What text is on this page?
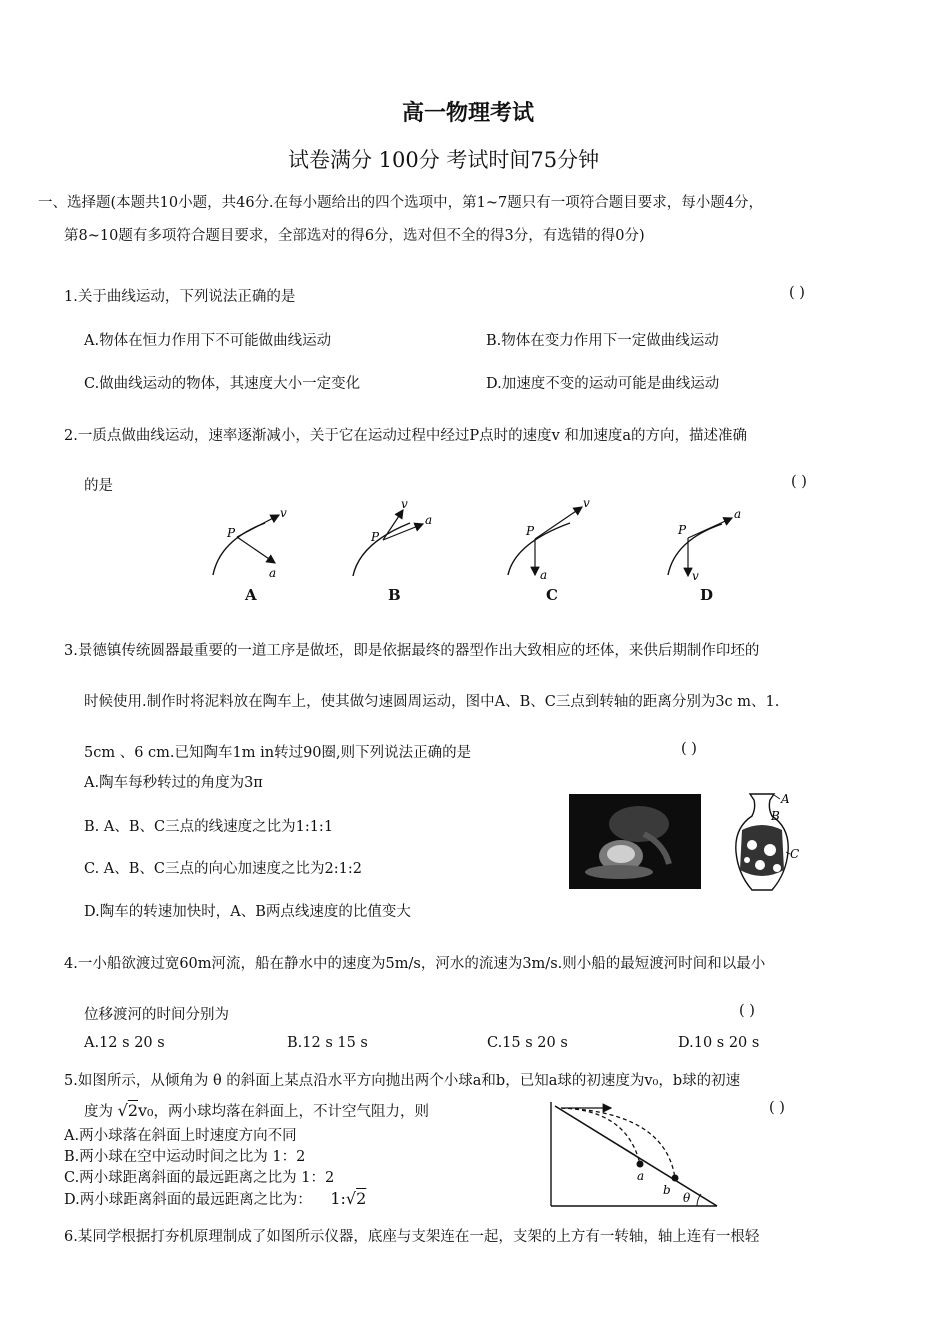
高一物理考试
试卷满分 100分 考试时间75分钟
一、选择题(本题共10小题，共46分.在每小题给出的四个选项中，第1~7题只有一项符合题目要求，每小题4分，
第8~10题有多项符合题目要求，全部选对的得6分，选对但不全的得3分，有选错的得0分)
1.关于曲线运动，下列说法正确的是	( )
A.物体在恒力作用下不可能做曲线运动	B.物体在变力作用下一定做曲线运动
C.做曲线运动的物体，其速度大小一定变化	D.加速度不变的运动可能是曲线运动
2.一质点做曲线运动，速率逐渐减小，关于它在运动过程中经过P点时的速度v 和加速度a的方向，描述准确
的是	( )
P
v
a
A
P
v
a
B
P
v
a
C
P
a
v
D
3.景德镇传统圆器最重要的一道工序是做坯，即是依据最终的器型作出大致相应的坯体，来供后期制作印坯的
时候使用.制作时将泥料放在陶车上，使其做匀速圆周运动，图中A、B、C三点到转轴的距离分别为3c m、1.
5cm 、6 cm.已知陶车1m in转过90圈,则下列说法正确的是	( )
A.陶车每秒转过的角度为3π
B. A、B、C三点的线速度之比为1:1:1
C. A、B、C三点的向心加速度之比为2:1:2
D.陶车的转速加快时，A、B两点线速度的比值变大
A
B
C
4.一小船欲渡过宽60m河流，船在静水中的速度为5m/s，河水的流速为3m/s.则小船的最短渡河时间和以最小
位移渡河的时间分别为	( )
A.12 s 20 s	B.12 s 15 s	C.15 s 20 s	D.10 s 20 s
5.如图所示，从倾角为 θ 的斜面上某点沿水平方向抛出两个小球a和b，已知a球的初速度为v₀，b球的初速
度为 √2v₀，两小球均落在斜面上，不计空气阻力，则	( )
A.两小球落在斜面上时速度方向不同
B.两小球在空中运动时间之比为 1：2
C.两小球距离斜面的最远距离之比为 1：2
D.两小球距离斜面的最远距离之比为： 1:√2
a
b
θ
6.某同学根据打夯机原理制成了如图所示仪器，底座与支架连在一起，支架的上方有一转轴，轴上连有一根轻
